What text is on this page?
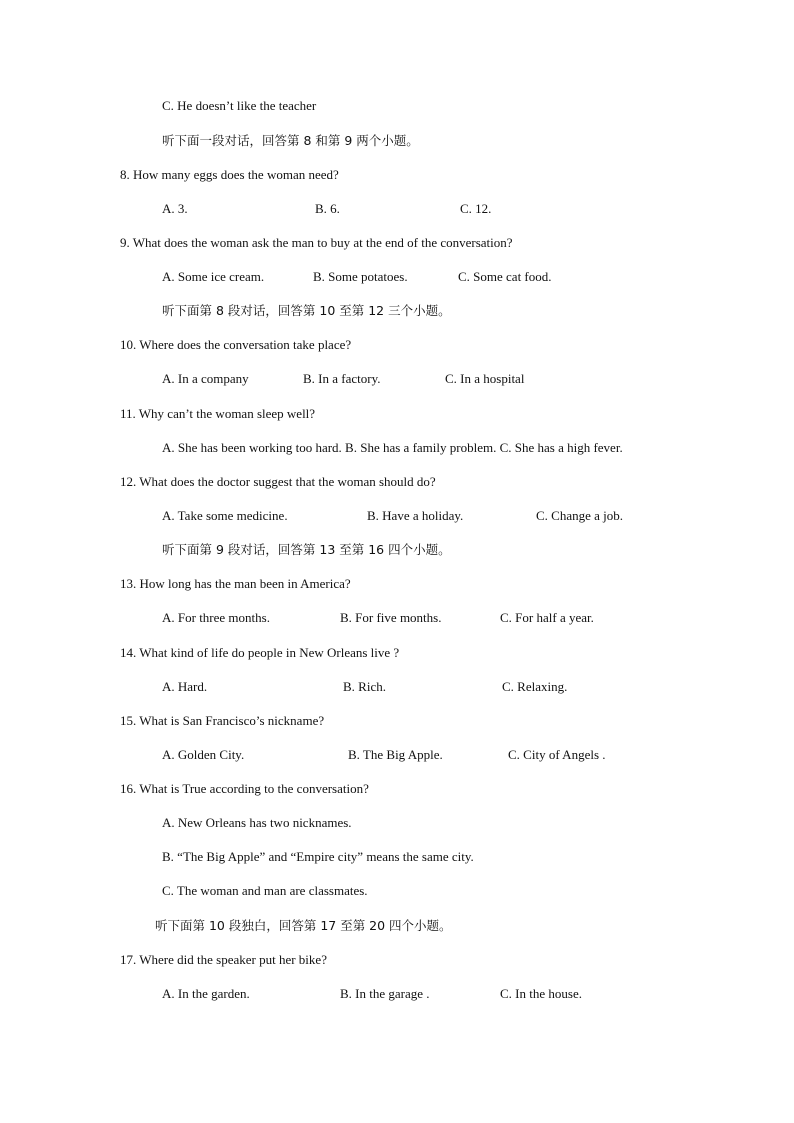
C. He doesn’t like the teacher
听下面一段对话，回答第 8 和第 9 两个小题。
8. How many eggs does the woman need?
A. 3.	B. 6.	C. 12.
9. What does the woman ask the man to buy at the end of the conversation?
A. Some ice cream.	B. Some potatoes.	C. Some cat food.
听下面第 8 段对话，回答第 10 至第 12 三个小题。
10. Where does the conversation take place?
A. In a company	B. In a factory.	C. In a hospital
11. Why can’t the woman sleep well?
A. She has been working too hard. B. She has a family problem. C. She has a high fever.
12. What does the doctor suggest that the woman should do?
A. Take some medicine.	B. Have a holiday.	C. Change a job.
听下面第 9 段对话，回答第 13 至第 16 四个小题。
13. How long has the man been in America?
A. For three months.	B. For five months.	C. For half a year.
14. What kind of life do people in New Orleans live ?
A. Hard.	B. Rich.	C. Relaxing.
15. What is San Francisco’s nickname?
A. Golden City.	B. The Big Apple.	C. City of Angels .
16. What is True according to the conversation?
A. New Orleans has two nicknames.
B. “The Big Apple” and “Empire city” means the same city.
C. The woman and man are classmates.
听下面第 10 段独白，回答第 17 至第 20 四个小题。
17. Where did the speaker put her bike?
A. In the garden.	B. In the garage .	C. In the house.
